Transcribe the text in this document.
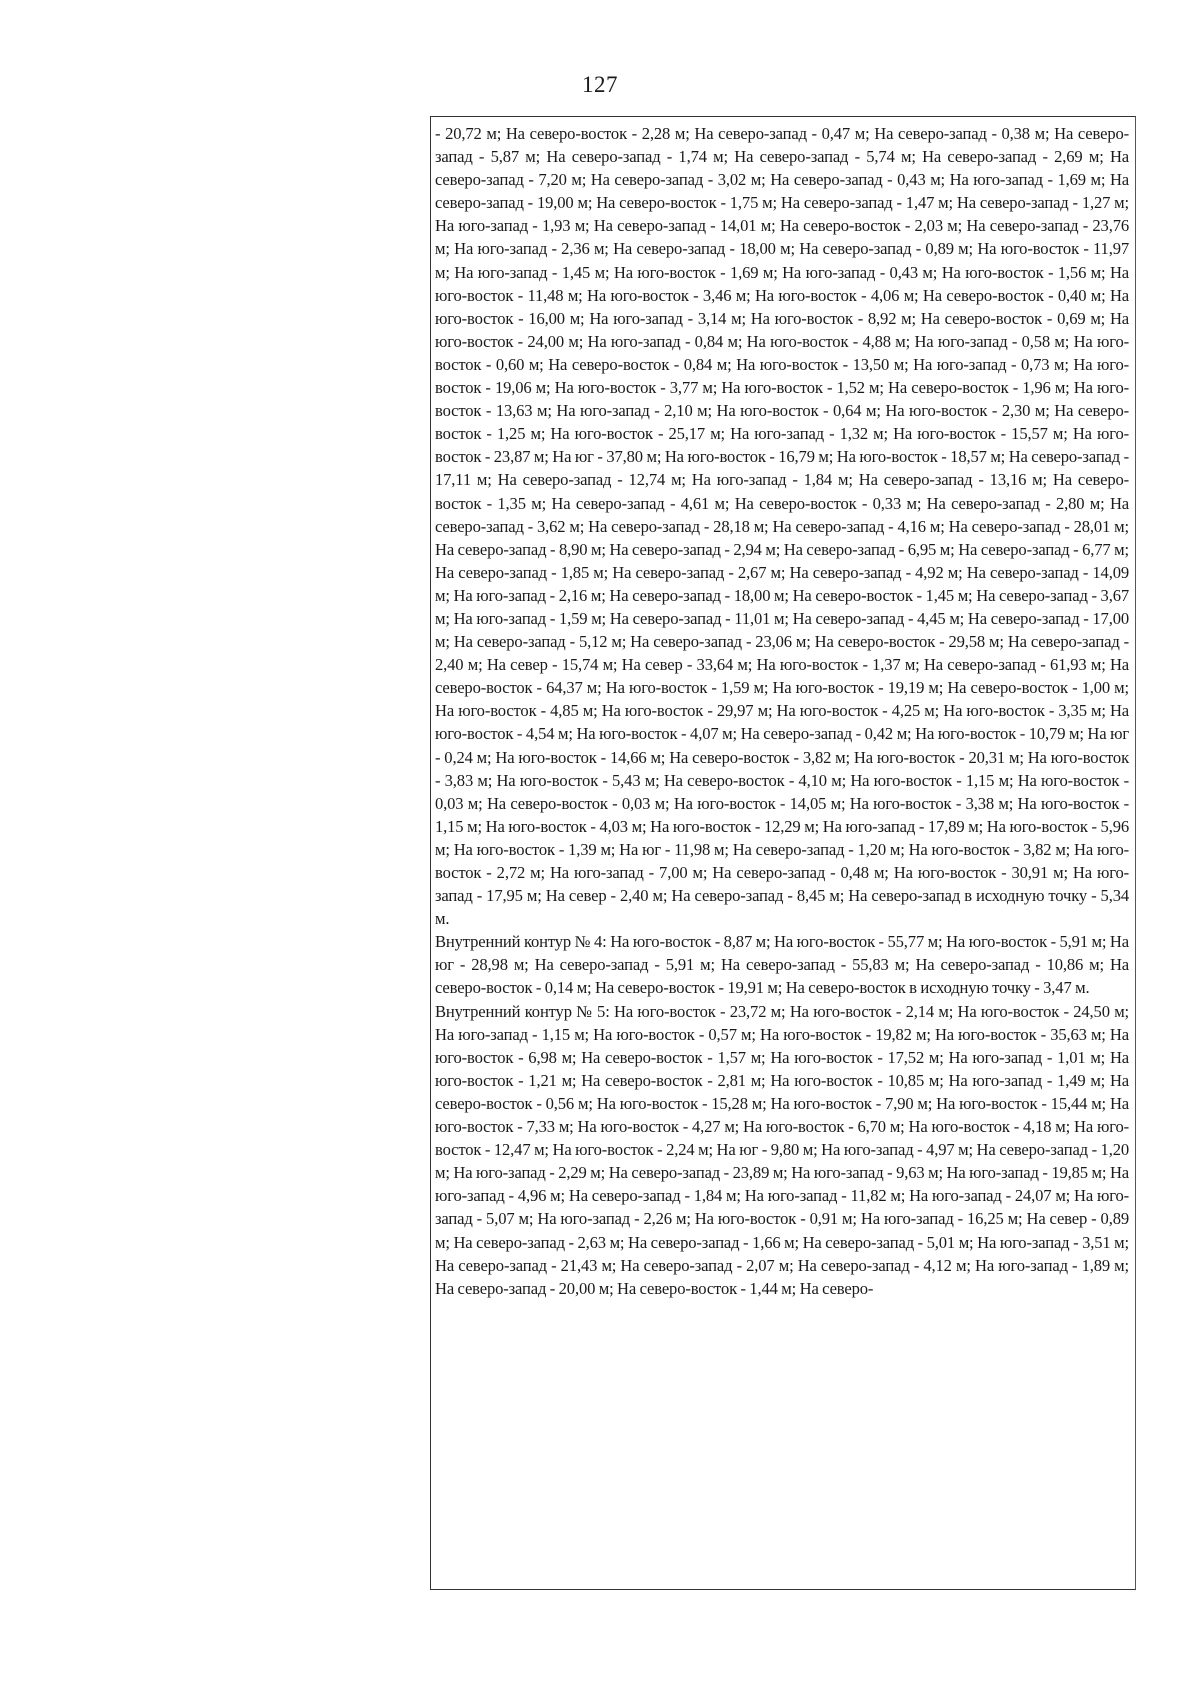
127

- 20,72 м; На северо-восток - 2,28 м; На северо-запад - 0,47 м; На северо-запад - 0,38 м; На северо-запад - 5,87 м; На северо-запад - 1,74 м; На северо-запад - 5,74 м; На северо-запад - 2,69 м; На северо-запад - 7,20 м; На северо-запад - 3,02 м; На северо-запад - 0,43 м; На юго-запад - 1,69 м; На северо-запад - 19,00 м; На северо-восток - 1,75 м; На северо-запад - 1,47 м; На северо-запад - 1,27 м; На юго-запад - 1,93 м; На северо-запад - 14,01 м; На северо-восток - 2,03 м; На северо-запад - 23,76 м; На юго-запад - 2,36 м; На северо-запад - 18,00 м; На северо-запад - 0,89 м; На юго-восток - 11,97 м; На юго-запад - 1,45 м; На юго-восток - 1,69 м; На юго-запад - 0,43 м; На юго-восток - 1,56 м; На юго-восток - 11,48 м; На юго-восток - 3,46 м; На юго-восток - 4,06 м; На северо-восток - 0,40 м; На юго-восток - 16,00 м; На юго-запад - 3,14 м; На юго-восток - 8,92 м; На северо-восток - 0,69 м; На юго-восток - 24,00 м; На юго-запад - 0,84 м; На юго-восток - 4,88 м; На юго-запад - 0,58 м; На юго-восток - 0,60 м; На северо-восток - 0,84 м; На юго-восток - 13,50 м; На юго-запад - 0,73 м; На юго-восток - 19,06 м; На юго-восток - 3,77 м; На юго-восток - 1,52 м; На северо-восток - 1,96 м; На юго-восток - 13,63 м; На юго-запад - 2,10 м; На юго-восток - 0,64 м; На юго-восток - 2,30 м; На северо-восток - 1,25 м; На юго-восток - 25,17 м; На юго-запад - 1,32 м; На юго-восток - 15,57 м; На юго-восток - 23,87 м; На юг - 37,80 м; На юго-восток - 16,79 м; На юго-восток - 18,57 м; На северо-запад - 17,11 м; На северо-запад - 12,74 м; На юго-запад - 1,84 м; На северо-запад - 13,16 м; На северо-восток - 1,35 м; На северо-запад - 4,61 м; На северо-восток - 0,33 м; На северо-запад - 2,80 м; На северо-запад - 3,62 м; На северо-запад - 28,18 м; На северо-запад - 4,16 м; На северо-запад - 28,01 м; На северо-запад - 8,90 м; На северо-запад - 2,94 м; На северо-запад - 6,95 м; На северо-запад - 6,77 м; На северо-запад - 1,85 м; На северо-запад - 2,67 м; На северо-запад - 4,92 м; На северо-запад - 14,09 м; На юго-запад - 2,16 м; На северо-запад - 18,00 м; На северо-восток - 1,45 м; На северо-запад - 3,67 м; На юго-запад - 1,59 м; На северо-запад - 11,01 м; На северо-запад - 4,45 м; На северо-запад - 17,00 м; На северо-запад - 5,12 м; На северо-запад - 23,06 м; На северо-восток - 29,58 м; На северо-запад - 2,40 м; На север - 15,74 м; На север - 33,64 м; На юго-восток - 1,37 м; На северо-запад - 61,93 м; На северо-восток - 64,37 м; На юго-восток - 1,59 м; На юго-восток - 19,19 м; На северо-восток - 1,00 м; На юго-восток - 4,85 м; На юго-восток - 29,97 м; На юго-восток - 4,25 м; На юго-восток - 3,35 м; На юго-восток - 4,54 м; На юго-восток - 4,07 м; На северо-запад - 0,42 м; На юго-восток - 10,79 м; На юг - 0,24 м; На юго-восток - 14,66 м; На северо-восток - 3,82 м; На юго-восток - 20,31 м; На юго-восток - 3,83 м; На юго-восток - 5,43 м; На северо-восток - 4,10 м; На юго-восток - 1,15 м; На юго-восток - 0,03 м; На северо-восток - 0,03 м; На юго-восток - 14,05 м; На юго-восток - 3,38 м; На юго-восток - 1,15 м; На юго-восток - 4,03 м; На юго-восток - 12,29 м; На юго-запад - 17,89 м; На юго-восток - 5,96 м; На юго-восток - 1,39 м; На юг - 11,98 м; На северо-запад - 1,20 м; На юго-восток - 3,82 м; На юго-восток - 2,72 м; На юго-запад - 7,00 м; На северо-запад - 0,48 м; На юго-восток - 30,91 м; На юго-запад - 17,95 м; На север - 2,40 м; На северо-запад - 8,45 м; На северо-запад в исходную точку - 5,34 м.

Внутренний контур № 4: На юго-восток - 8,87 м; На юго-восток - 55,77 м; На юго-восток - 5,91 м; На юг - 28,98 м; На северо-запад - 5,91 м; На северо-запад - 55,83 м; На северо-запад - 10,86 м; На северо-восток - 0,14 м; На северо-восток - 19,91 м; На северо-восток в исходную точку - 3,47 м.

Внутренний контур № 5: На юго-восток - 23,72 м; На юго-восток - 2,14 м; На юго-восток - 24,50 м; На юго-запад - 1,15 м; На юго-восток - 0,57 м; На юго-восток - 19,82 м; На юго-восток - 35,63 м; На юго-восток - 6,98 м; На северо-восток - 1,57 м; На юго-восток - 17,52 м; На юго-запад - 1,01 м; На юго-восток - 1,21 м; На северо-восток - 2,81 м; На юго-восток - 10,85 м; На юго-запад - 1,49 м; На северо-восток - 0,56 м; На юго-восток - 15,28 м; На юго-восток - 7,90 м; На юго-восток - 15,44 м; На юго-восток - 7,33 м; На юго-восток - 4,27 м; На юго-восток - 6,70 м; На юго-восток - 4,18 м; На юго-восток - 12,47 м; На юго-восток - 2,24 м; На юг - 9,80 м; На юго-запад - 4,97 м; На северо-запад - 1,20 м; На юго-запад - 2,29 м; На северо-запад - 23,89 м; На юго-запад - 9,63 м; На юго-запад - 19,85 м; На юго-запад - 4,96 м; На северо-запад - 1,84 м; На юго-запад - 11,82 м; На юго-запад - 24,07 м; На юго-запад - 5,07 м; На юго-запад - 2,26 м; На юго-восток - 0,91 м; На юго-запад - 16,25 м; На север - 0,89 м; На северо-запад - 2,63 м; На северо-запад - 1,66 м; На северо-запад - 5,01 м; На юго-запад - 3,51 м; На северо-запад - 21,43 м; На северо-запад - 2,07 м; На северо-запад - 4,12 м; На юго-запад - 1,89 м; На северо-запад - 20,00 м; На северо-восток - 1,44 м; На северо-
